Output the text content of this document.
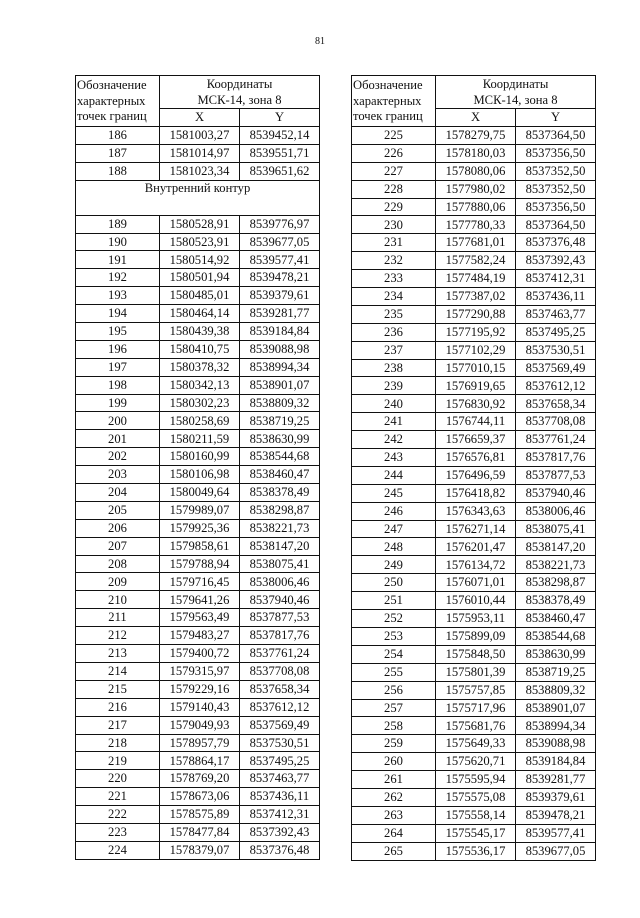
81
Обозначение
характерных
точек границ	Координаты	
	МСК-14, зона 8	
	X	Y
186	1581003,27	8539452,14
187	1581014,97	8539551,71
188	1581023,34	8539651,62
Внутренний контур		
189	1580528,91	8539776,97
190	1580523,91	8539677,05
191	1580514,92	8539577,41
192	1580501,94	8539478,21
193	1580485,01	8539379,61
194	1580464,14	8539281,77
195	1580439,38	8539184,84
196	1580410,75	8539088,98
197	1580378,32	8538994,34
198	1580342,13	8538901,07
199	1580302,23	8538809,32
200	1580258,69	8538719,25
201	1580211,59	8538630,99
202	1580160,99	8538544,68
203	1580106,98	8538460,47
204	1580049,64	8538378,49
205	1579989,07	8538298,87
206	1579925,36	8538221,73
207	1579858,61	8538147,20
208	1579788,94	8538075,41
209	1579716,45	8538006,46
210	1579641,26	8537940,46
211	1579563,49	8537877,53
212	1579483,27	8537817,76
213	1579400,72	8537761,24
214	1579315,97	8537708,08
215	1579229,16	8537658,34
216	1579140,43	8537612,12
217	1579049,93	8537569,49
218	1578957,79	8537530,51
219	1578864,17	8537495,25
220	1578769,20	8537463,77
221	1578673,06	8537436,11
222	1578575,89	8537412,31
223	1578477,84	8537392,43
224	1578379,07	8537376,48
Обозначение
характерных
точек границ	Координаты	
	МСК-14, зона 8	
	X	Y
225	1578279,75	8537364,50
226	1578180,03	8537356,50
227	1578080,06	8537352,50
228	1577980,02	8537352,50
229	1577880,06	8537356,50
230	1577780,33	8537364,50
231	1577681,01	8537376,48
232	1577582,24	8537392,43
233	1577484,19	8537412,31
234	1577387,02	8537436,11
235	1577290,88	8537463,77
236	1577195,92	8537495,25
237	1577102,29	8537530,51
238	1577010,15	8537569,49
239	1576919,65	8537612,12
240	1576830,92	8537658,34
241	1576744,11	8537708,08
242	1576659,37	8537761,24
243	1576576,81	8537817,76
244	1576496,59	8537877,53
245	1576418,82	8537940,46
246	1576343,63	8538006,46
247	1576271,14	8538075,41
248	1576201,47	8538147,20
249	1576134,72	8538221,73
250	1576071,01	8538298,87
251	1576010,44	8538378,49
252	1575953,11	8538460,47
253	1575899,09	8538544,68
254	1575848,50	8538630,99
255	1575801,39	8538719,25
256	1575757,85	8538809,32
257	1575717,96	8538901,07
258	1575681,76	8538994,34
259	1575649,33	8539088,98
260	1575620,71	8539184,84
261	1575595,94	8539281,77
262	1575575,08	8539379,61
263	1575558,14	8539478,21
264	1575545,17	8539577,41
265	1575536,17	8539677,05
